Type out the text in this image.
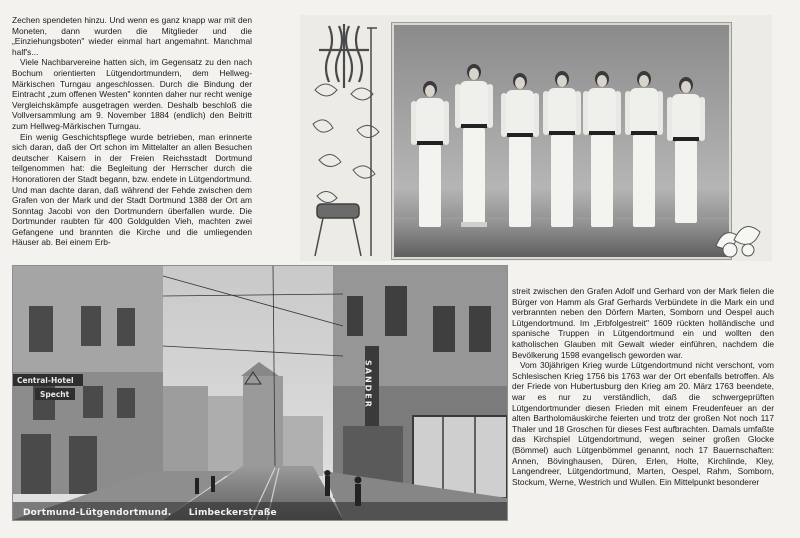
Zechen spendeten hinzu. Und wenn es ganz knapp war mit den Moneten, dann wurden die Mitglieder und die „Einziehungsboten" wieder einmal hart angemahnt. Manchmal half's...

Viele Nachbarvereine hatten sich, im Gegensatz zu den nach Bochum orientierten Lütgendortmundern, dem Hellweg-Märkischen Turngau angeschlossen. Durch die Bindung der Eintracht „zum offenen Westen" konnten daher nur recht wenige Vergleichskämpfe ausgetragen werden. Deshalb beschloß die Vollversammlung am 9. November 1884 (endlich) den Beitritt zum Hellweg-Märkischen Turngau.

Ein wenig Geschichtspflege wurde betrieben, man erinnerte sich daran, daß der Ort schon im Mittelalter an allen Besuchen deutscher Kaisern in der Freien Reichsstadt Dortmund teilgenommen hat: die Begleitung der Herrscher durch die Honoratioren der Stadt begann, bzw. endete in Lütgendortmund. Und man dachte daran, daß während der Fehde zwischen dem Grafen von der Mark und der Stadt Dortmund 1388 der Ort am Sonntag Jacobi von den Dortmundern überfallen wurde. Die Dortmunder raubten für 400 Goldgulden Vieh, machten zwei Gefangene und brannten die Kirche und die umliegenden Häuser ab. Bei einem Erb-

Central-Hotel
Specht	SANDER
Dortmund-Lütgendortmund. Limbeckerstraße

streit zwischen den Grafen Adolf und Gerhard von der Mark fielen die Bürger von Hamm als Graf Gerhards Verbündete in die Mark ein und verbrannten neben den Dörfern Marten, Somborn und Oespel auch Lütgendortmund. Im „Erbfolgestreit" 1609 rückten holländische und spanische Truppen in Lütgendortmund ein und wollten den katholischen Glauben mit Gewalt wieder einführen, nachdem die Bevölkerung 1598 evangelisch geworden war.

Vom 30jährigen Krieg wurde Lütgendortmund nicht verschont, vom Schlesischen Krieg 1756 bis 1763 war der Ort ebenfalls betroffen. Als der Friede von Hubertusburg den Krieg am 20. März 1763 beendete, war es nur zu verständlich, daß die schwergeprüften Lütgendortmunder diesen Frieden mit einem Freudenfeuer an der alten Bartholomäuskirche feierten und trotz der großen Not noch 117 Thaler und 18 Groschen für dieses Fest aufbrachten. Damals umfaßte das Kirchspiel Lütgendortmund, wegen seiner großen Glocke (Bömmel) auch Lütgenbömmel genannt, noch 17 Bauernschaften: Annen, Bövinghausen, Düren, Erlen, Holte, Kirchlinde, Kley, Langendreer, Lütgendortmund, Marten, Oespel, Rahm, Somborn, Stockum, Werne, Westrich und Wullen. Ein Mittelpunkt besonderer
